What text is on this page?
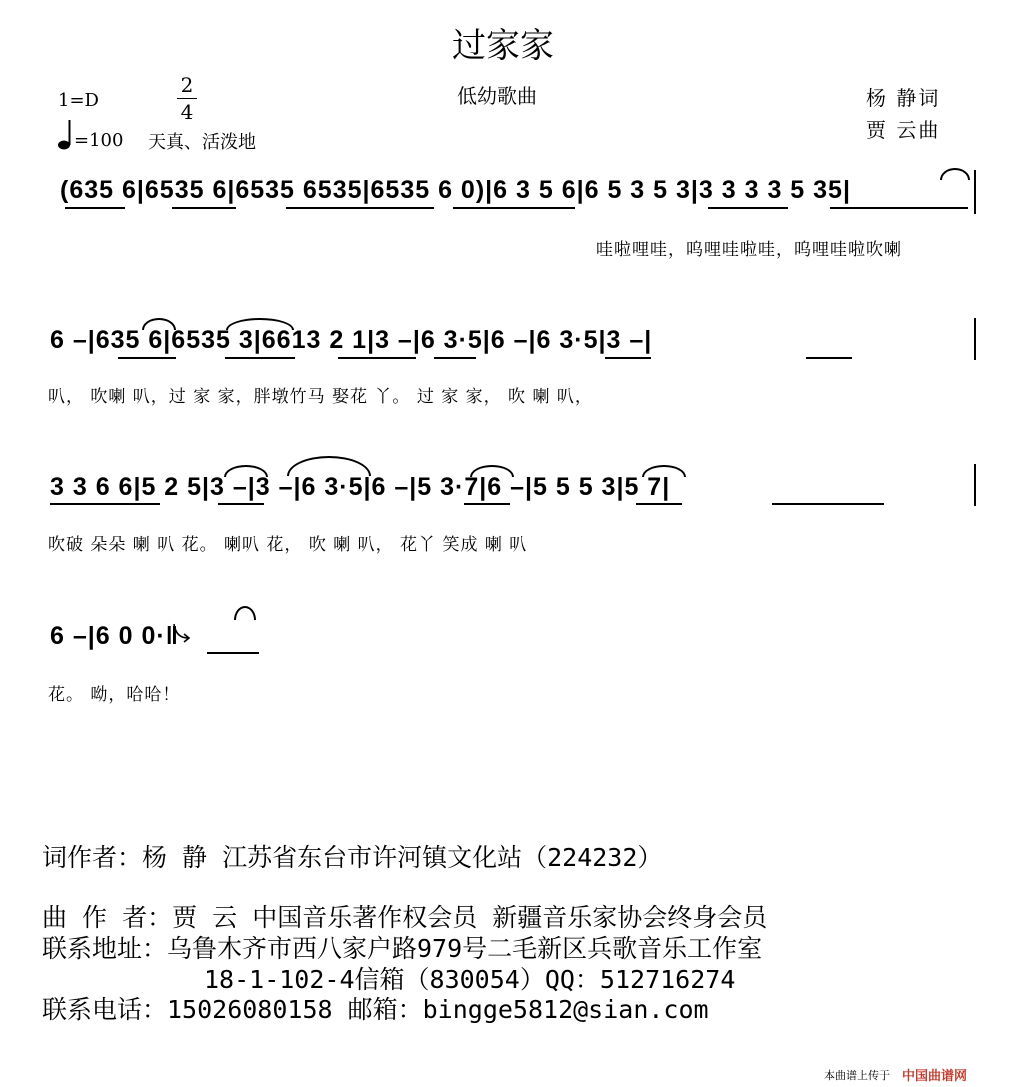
过家家
低幼歌曲
1=D
2
4
=100 天真、活泼地
杨 静词
贾 云曲
(635 6|6535 6|6535 6535|6535 6 0)|6 3 5 6|6 5 3 5 3|3 3 3 3 5 35|
哇啦哩哇，呜哩哇啦哇，呜哩哇啦吹喇
6 –|635 6|6535 3|6613 2 1|3 –|6 3·5|6 –|6 3·5|3 –|
叭， 吹喇 叭，过 家 家，胖墩竹马 娶花 丫。 过 家 家， 吹 喇 叭，
3 3 6 6|5 2 5|3 –|3 –|6 3·5|6 –|5 3·7|6 –|5 5 5 3|5 7|
吹破 朵朵 喇 叭 花。 喇叭 花， 吹 喇 叭， 花丫 笑成 喇 叭
6 –|6 0 0·‖
花。 呦，哈哈！
词作者：杨 静 江苏省东台市许河镇文化站（224232）
曲 作 者：贾 云 中国音乐著作权会员 新疆音乐家协会终身会员
联系地址：乌鲁木齐市西八家户路979号二毛新区兵歌音乐工作室
18-1-102-4信箱（830054）QQ：512716274
联系电话：15026080158 邮箱：bingge5812@sian.com
本曲谱上传于 中国曲谱网
